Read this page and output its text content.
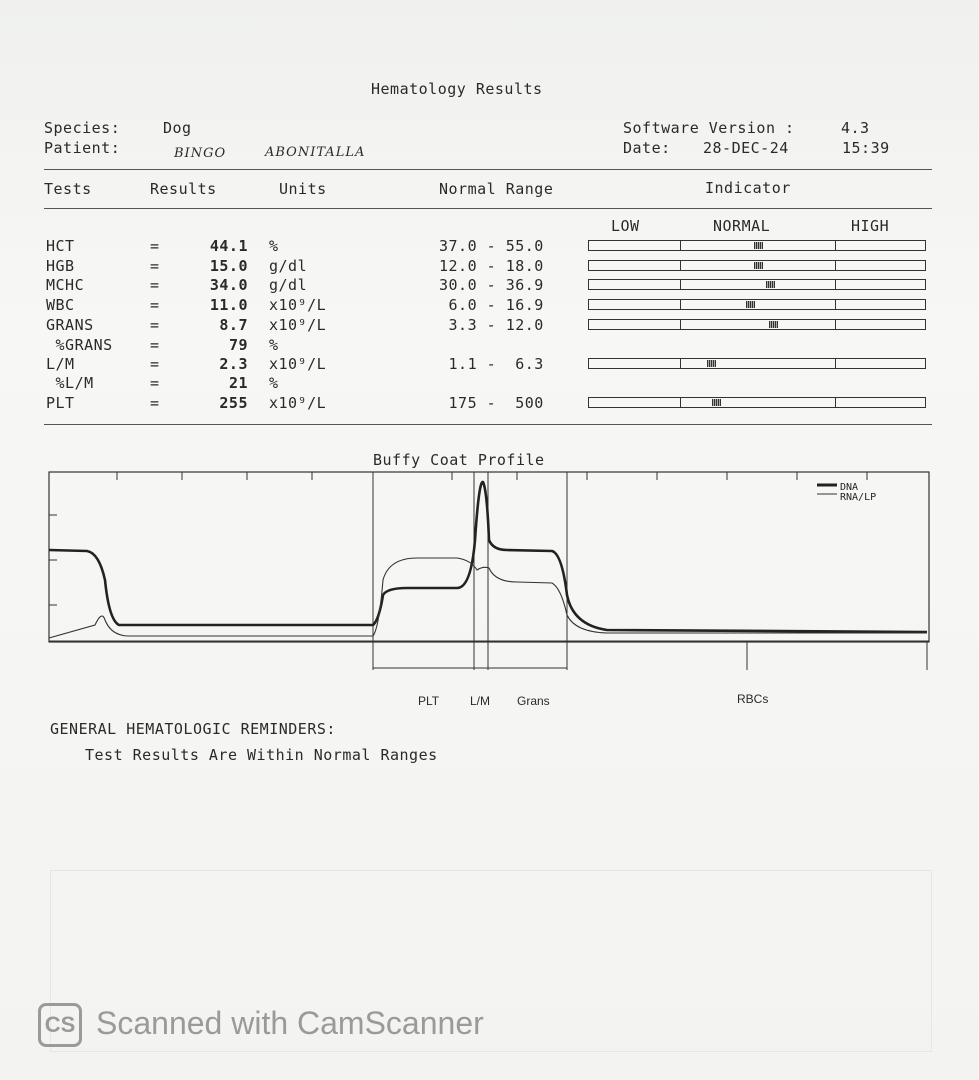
Hematology Results
Species:	Dog
Patient:	BINGO	ABONITALLA
Software Version :	4.3
Date: 28-DEC-24	15:39
Tests	Results	Units	Normal Range	Indicator
LOW	NORMAL	HIGH
HCT	=	44.1 %	37.0 - 55.0
HGB	=	15.0 g/dl	12.0 - 18.0
MCHC	=	34.0 g/dl	30.0 - 36.9
WBC	=	11.0 x10⁹/L	6.0 - 16.9
GRANS	=	8.7 x10⁹/L	3.3 - 12.0
%GRANS =	79 %
L/M	=	2.3 x10⁹/L	1.1 -  6.3
%L/M	=	21 %
PLT	=	255 x10⁹/L	175 -  500
Buffy Coat Profile
DNA
RNA/LP
PLT	L/M Grans	RBCs
GENERAL HEMATOLOGIC REMINDERS:
Test Results Are Within Normal Ranges
CS Scanned with CamScanner
